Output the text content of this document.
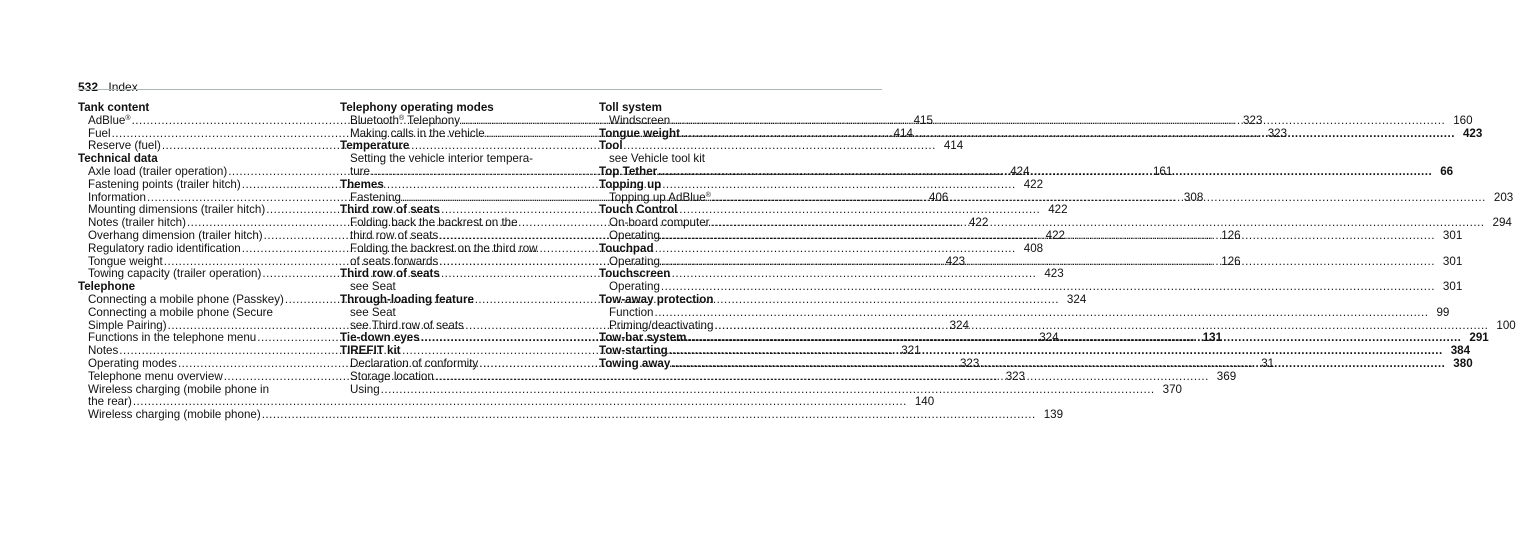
532 Index
Tank content
AdBlue® .....	415
Fuel .....	414
Reserve (fuel) .....	414
Technical data
Axle load (trailer operation) .....	424
Fastening points (trailer hitch) .....	422
Information .....	406
Mounting dimensions (trailer hitch) .....	422
Notes (trailer hitch) .....	422
Overhang dimension (trailer hitch) .....	422
Regulatory radio identification .....	408
Tongue weight .....	423
Towing capacity (trailer operation) .....	423
Telephone
Connecting a mobile phone (Passkey) .....	324
Connecting a mobile phone (Secure
Simple Pairing) .....	324
Functions in the telephone menu .....	324
Notes .....	321
Operating modes .....	323
Telephone menu overview .....	323
Wireless charging (mobile phone in
the rear) .....	140
Wireless charging (mobile phone) .....	139
Telephony operating modes
Bluetooth® Telephony .....	323
Making calls in the vehicle .....	323
Temperature
Setting the vehicle interior tempera-
ture .....	161
Themes
Fastening .....	308
Third row of seats
Folding back the backrest on the
third row of seats .....	126
Folding the backrest on the third row
of seats forwards .....	126
Third row of seats
see Seat
Through-loading feature
see Seat
see Third row of seats
Tie-down eyes .....	131
TIREFIT kit
Declaration of conformity .....	31
Storage location .....	369
Using .....	370
Toll system
Windscreen .....	160
Tongue weight .....	423
Tool
see Vehicle tool kit
Top Tether .....	66
Topping up
Topping up AdBlue® .....	203
Touch Control
On-board computer .....	294
Operating .....	301
Touchpad
Operating .....	301
Touchscreen
Operating .....	301
Tow-away protection
Function .....	99
Priming/deactivating .....	100
Tow-bar system .....	291
Tow-starting .....	384
Towing away .....	380
